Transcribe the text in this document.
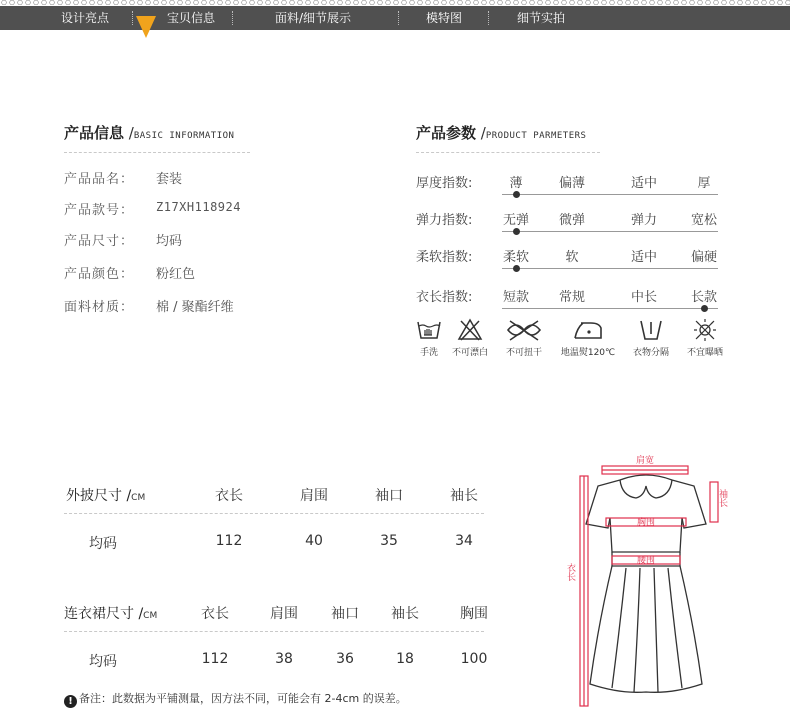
设计亮点	宝贝信息	面料/细节展示	模特图	细节实拍
产品信息 /BASIC INFORMATION
产品品名： 套装
产品款号： Z17XH118924
产品尺寸： 均码
产品颜色： 粉红色
面料材质： 棉 / 聚酯纤维
产品参数 /PRODUCT PARMETERS
厚度指数:	薄	偏薄	适中	厚
弹力指数:	无弹	微弹	弹力	宽松
柔软指数:	柔软	软	适中	偏硬
衣长指数:	短款	常规	中长	长款
手洗	不可漂白	不可扭干	地温熨120℃	衣物分隔	不宜曝晒
外披尺寸 /CM	衣长	肩围	袖口	袖长
均码	112	40	35	34
连衣裙尺寸 /CM	衣长	肩围	袖口	袖长	胸围
均码	112	38	36	18	100
! 备注：此数据为平铺测量，因方法不同，可能会有 2-4cm 的误差。
肩宽
胸围
腰围
袖长
衣长
